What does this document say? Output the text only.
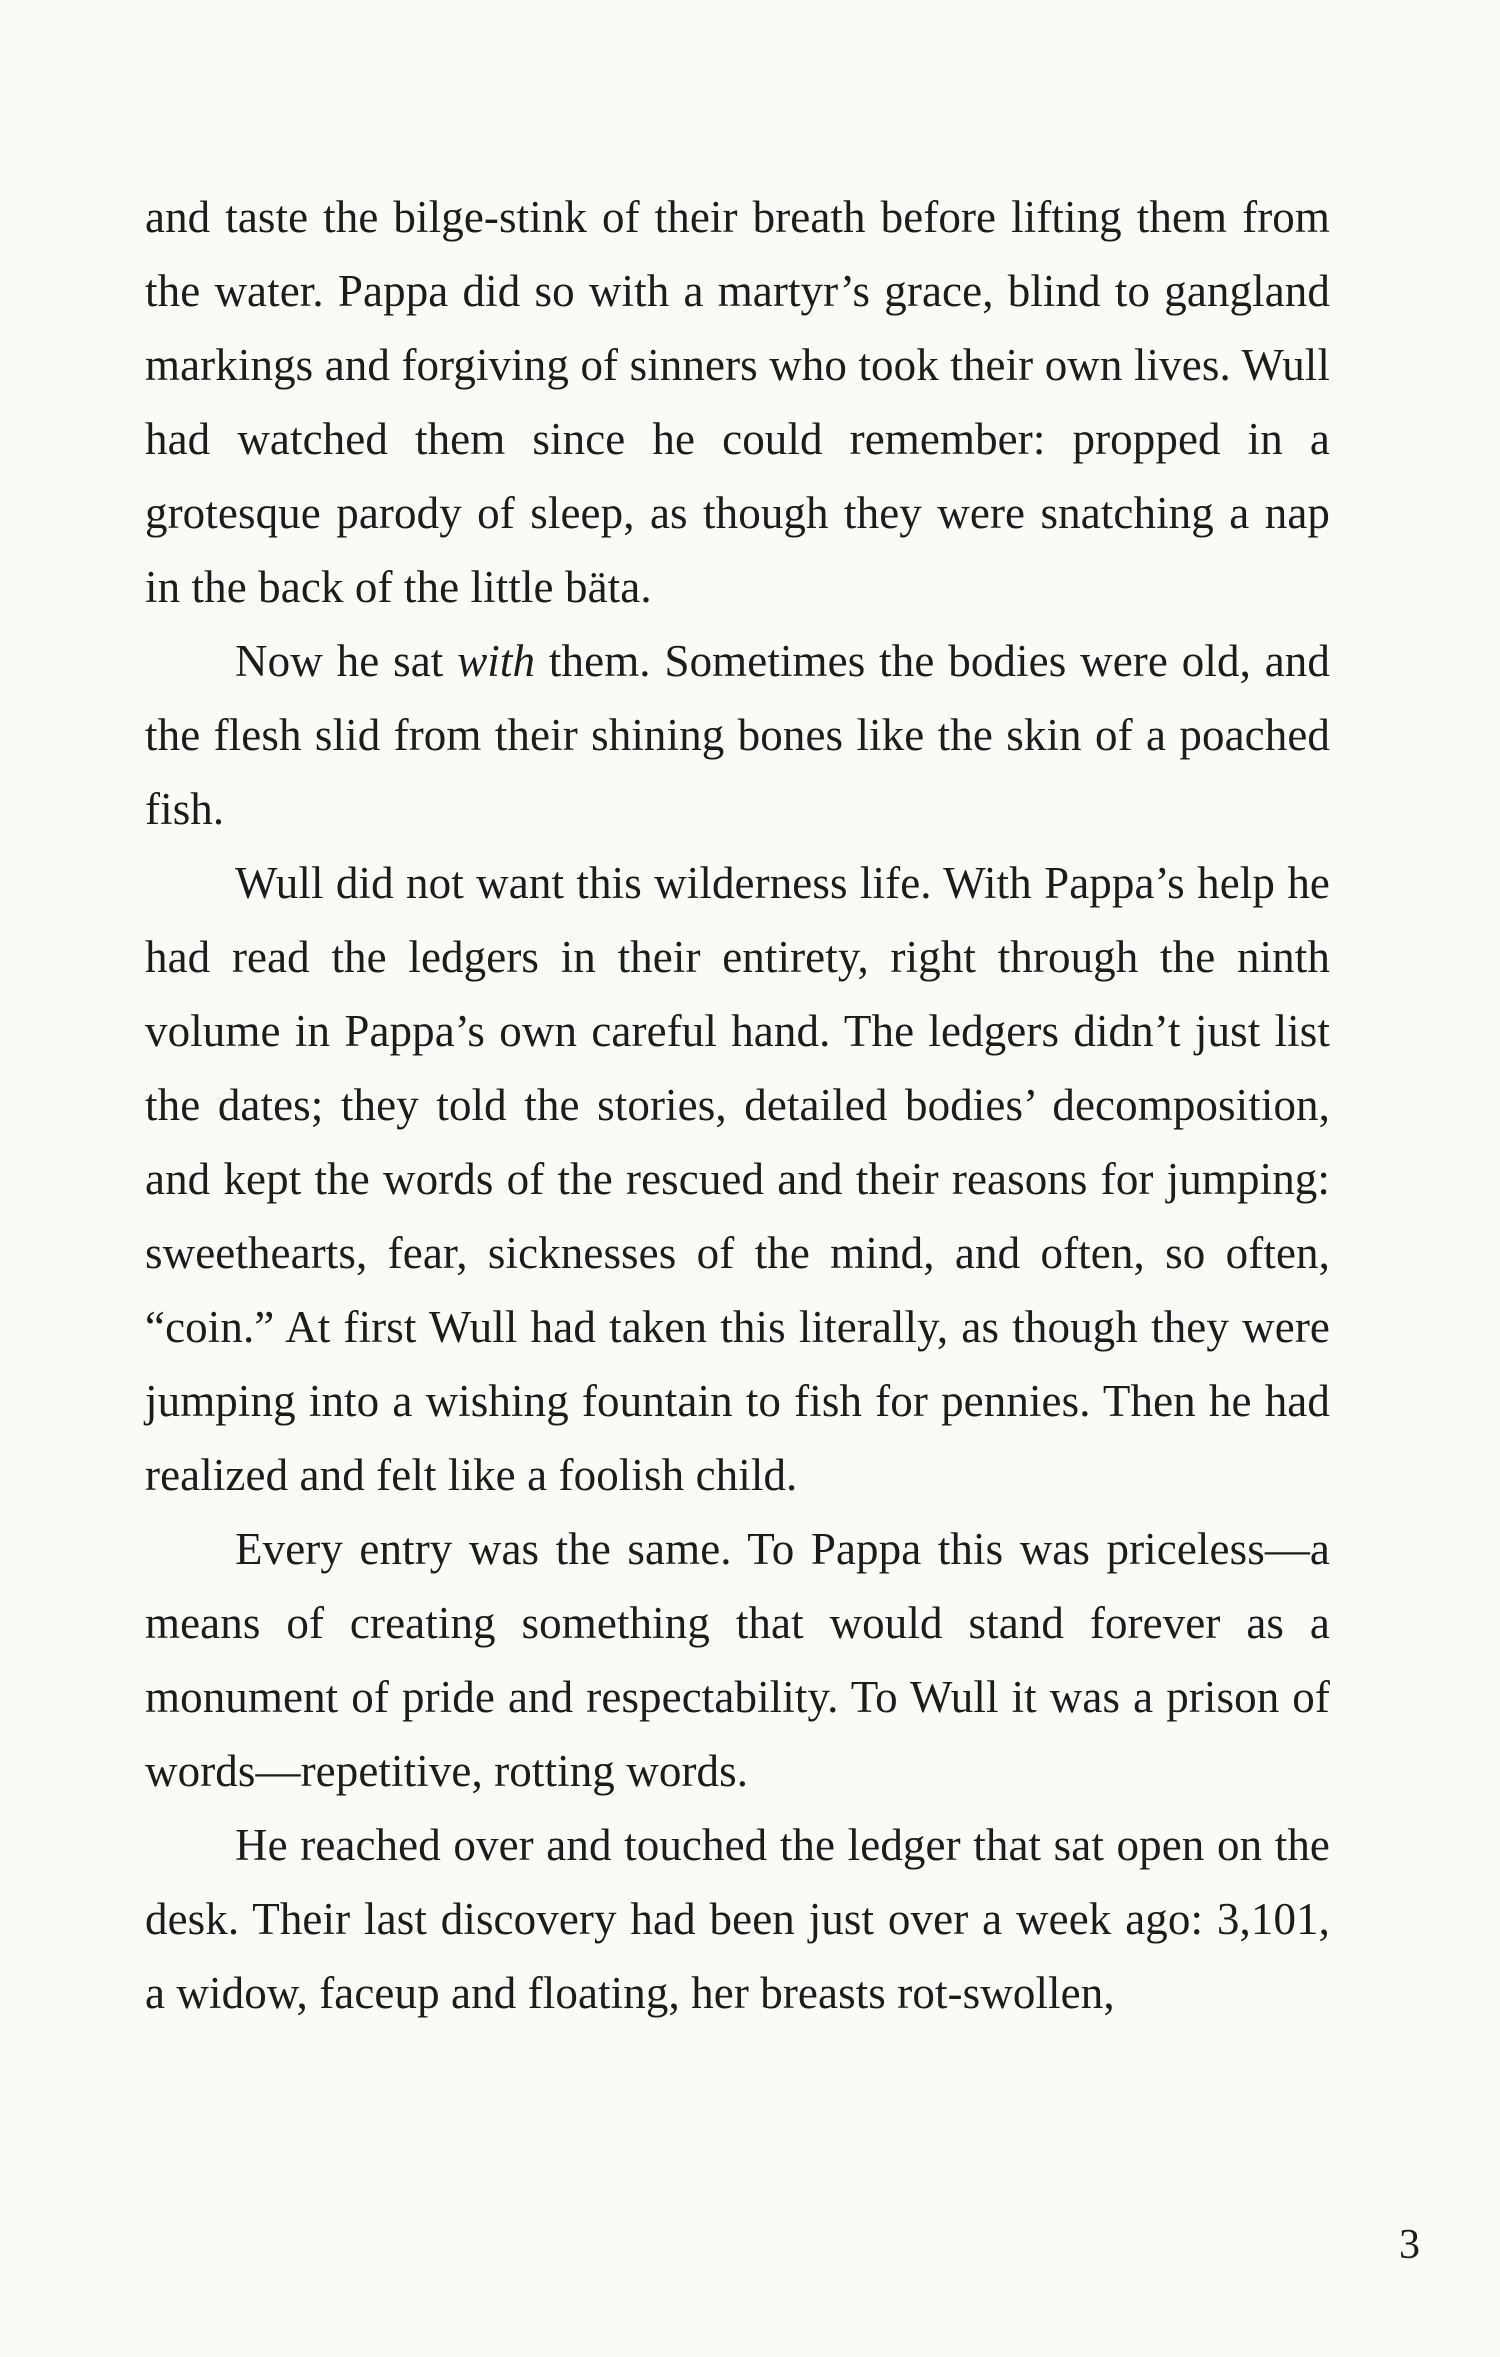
and taste the bilge-stink of their breath before lifting them from the water. Pappa did so with a martyr’s grace, blind to gangland markings and forgiving of sinners who took their own lives. Wull had watched them since he could remember: propped in a grotesque parody of sleep, as though they were snatching a nap in the back of the little bäta.

Now he sat with them. Sometimes the bodies were old, and the flesh slid from their shining bones like the skin of a poached fish.

Wull did not want this wilderness life. With Pappa’s help he had read the ledgers in their entirety, right through the ninth volume in Pappa’s own careful hand. The ledgers didn’t just list the dates; they told the stories, detailed bodies’ decomposition, and kept the words of the rescued and their reasons for jumping: sweethearts, fear, sicknesses of the mind, and often, so often, “coin.” At first Wull had taken this literally, as though they were jumping into a wishing fountain to fish for pennies. Then he had realized and felt like a foolish child.

Every entry was the same. To Pappa this was priceless—a means of creating something that would stand forever as a monument of pride and respectability. To Wull it was a prison of words—repetitive, rotting words.

He reached over and touched the ledger that sat open on the desk. Their last discovery had been just over a week ago: 3,101, a widow, faceup and floating, her breasts rot-swollen,

3
